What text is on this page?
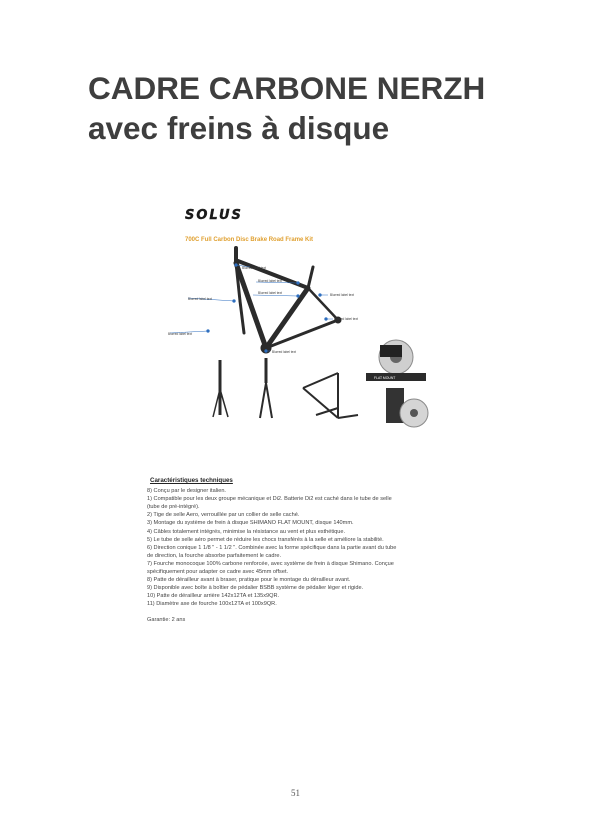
CADRE CARBONE NERZH avec freins à disque
SOLUS
700C Full Carbon Disc Brake Road Frame Kit
Blurred label text
Blurred label text
Blurred label text	Blurred label text
Blurred label text
Blurred label text
Blurred label text
Blurred label text
FLAT MOUNT
Caractéristiques techniques
8) Conçu par le designer italien.
1) Compatible pour les deux groupe mécanique et Di2. Batterie Di2 est caché dans le tube de selle
(tube de pré-intégré).
2) Tige de selle Aero, verrouillée par un collier de selle caché.
3) Montage du système de frein à disque SHIMANO FLAT MOUNT, disque 140mm.
4) Câbles totalement intégrés, minimise la résistance au vent et plus esthétique.
5) Le tube de selle aéro permet de réduire les chocs transférés à la selle et améliore la stabilité.
6) Direction conique 1 1/8 " - 1 1/2 ". Combinée avec la forme spécifique dans la partie avant du tube
de direction, la fourche absorbe parfaitement le cadre.
7) Fourche monocoque 100% carbone renforcée, avec système de frein à disque Shimano. Conçue
spécifiquement pour adapter ce cadre avec 45mm offset.
8) Patte de dérailleur avant à braser, pratique pour le montage du dérailleur avant.
9) Disponible avec boîte à boîtier de pédalier BSBB système de pédalier léger et rigide.
10) Patte de dérailleur arrière 142x12TA et 135x9QR.
11) Diamètre axe de fourche 100x12TA et 100x9QR.
Garantie: 2 ans
51
